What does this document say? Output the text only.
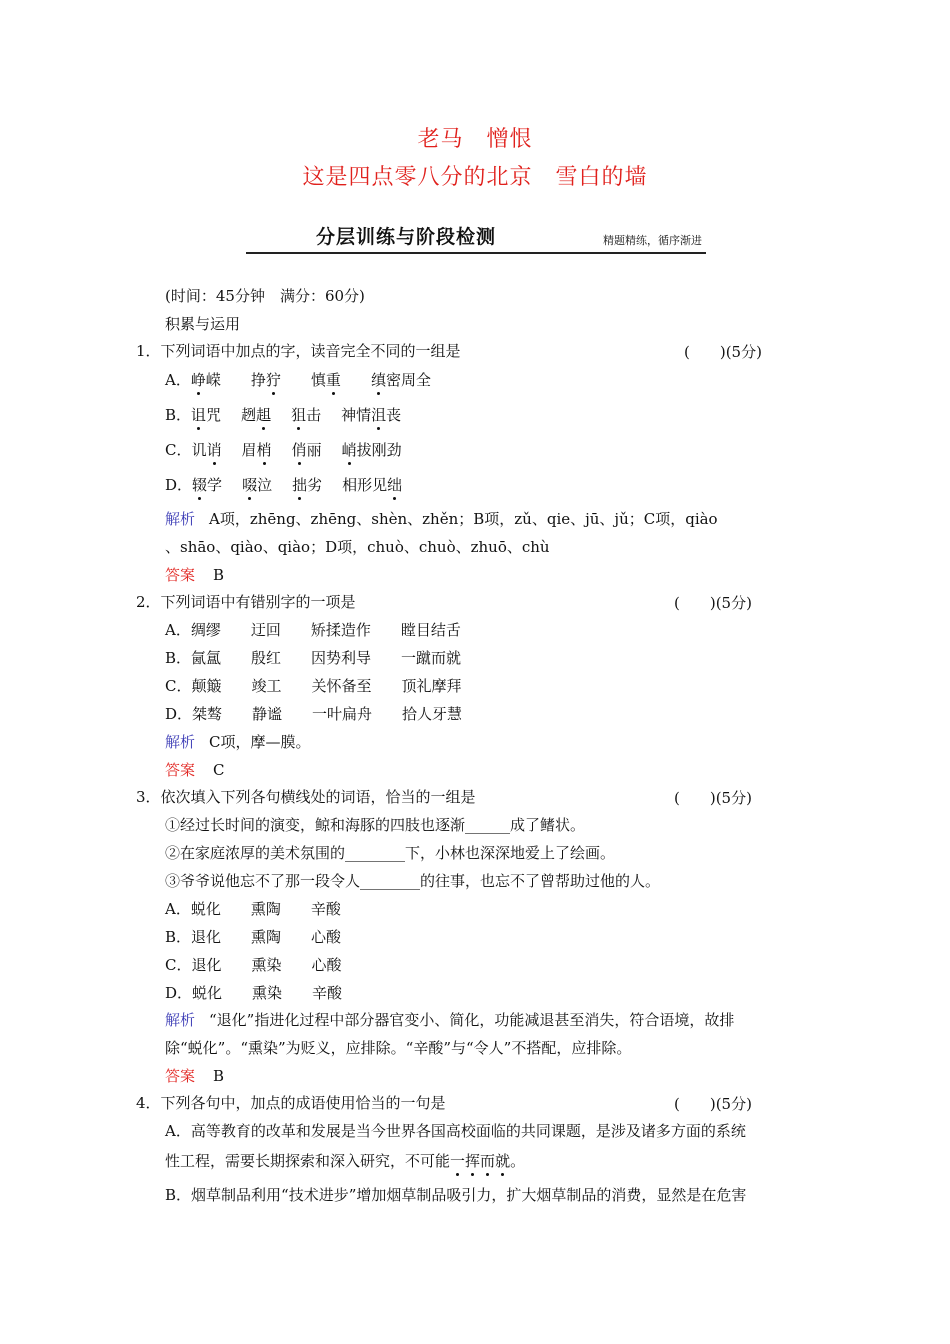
老马　憎恨
这是四点零八分的北京　雪白的墙
分层训练与阶段检测	精题精练，循序渐进
(时间：45分钟　满分：60分)
积累与运用
1．下列词语中加点的字，读音完全不同的一组是	(　　)(5分)
A．峥嵘 挣狞 慎重 缜密周全
B．诅咒 趔趄 狙击 神情沮丧
C．讥诮 眉梢 俏丽 峭拔刚劲
D．辍学 啜泣 拙劣 相形见绌
解析 A项，zhēng、zhēng、shèn、zhěn；B项，zǔ、qie、jū、jǔ；C项，qiào
、shāo、qiào、qiào；D项，chuò、chuò、zhuō、chù
答案 B
2．下列词语中有错别字的一项是	(　　)(5分)
A．绸缪　　迂回　　矫揉造作　　瞠目结舌
B．氤氲　　殷红　　因势利导　　一蹴而就
C．颠簸　　竣工　　关怀备至　　顶礼摩拜
D．桀骜　　静谧　　一叶扁舟　　拾人牙慧
解析 C项，摩—膜。
答案 C
3．依次填入下列各句横线处的词语，恰当的一组是	(　　)(5分)
①经过长时间的演变，鲸和海豚的四肢也逐渐______成了鳍状。
②在家庭浓厚的美术氛围的________下，小林也深深地爱上了绘画。
③爷爷说他忘不了那一段令人________的往事，也忘不了曾帮助过他的人。
A．蜕化　　熏陶　　辛酸
B．退化　　熏陶　　心酸
C．退化　　熏染　　心酸
D．蜕化　　熏染　　辛酸
解析 “退化”指进化过程中部分器官变小、简化，功能减退甚至消失，符合语境，故排
除“蜕化”。“熏染”为贬义，应排除。“辛酸”与“令人”不搭配，应排除。
答案 B
4．下列各句中，加点的成语使用恰当的一句是	(　　)(5分)
A．高等教育的改革和发展是当今世界各国高校面临的共同课题，是涉及诸多方面的系统
性工程，需要长期探索和深入研究，不可能一挥而就。
B．烟草制品利用“技术进步”增加烟草制品吸引力，扩大烟草制品的消费，显然是在危害
